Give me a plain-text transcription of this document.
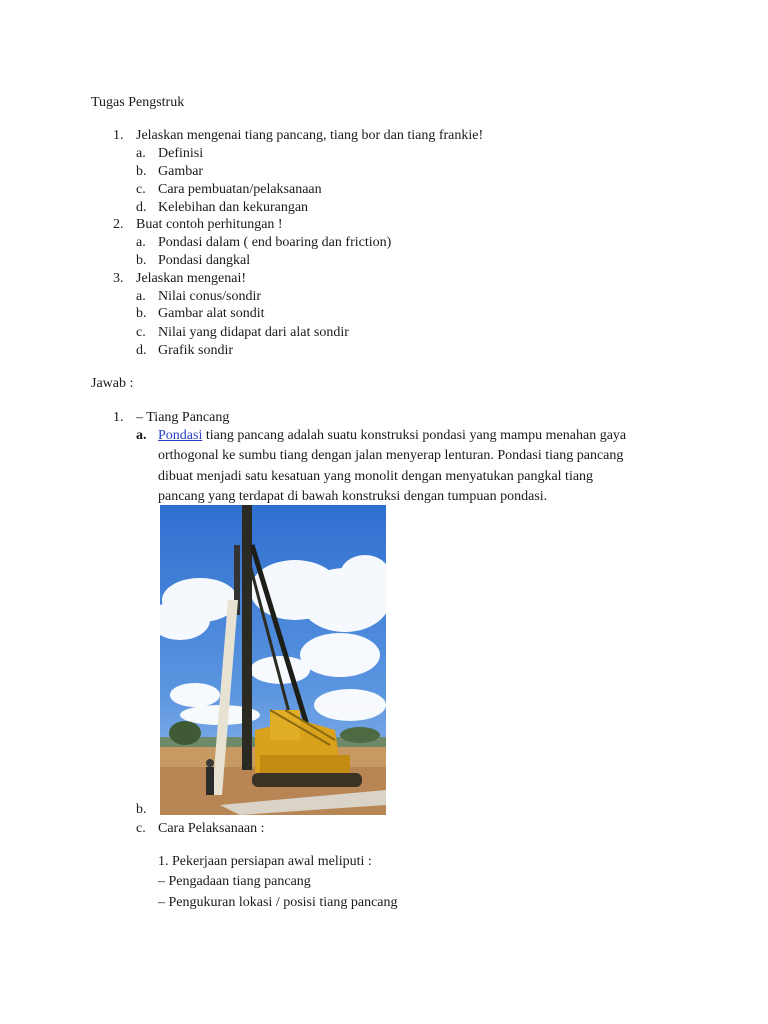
Tugas Pengstruk
1. Jelaskan mengenai tiang pancang, tiang bor dan tiang frankie!
a. Definisi
b. Gambar
c. Cara pembuatan/pelaksanaan
d. Kelebihan dan kekurangan
2. Buat contoh perhitungan !
a. Pondasi dalam ( end boaring dan friction)
b. Pondasi dangkal
3. Jelaskan mengenai!
a. Nilai conus/sondir
b. Gambar alat sondit
c. Nilai yang didapat dari alat sondir
d. Grafik sondir
Jawab :
1. – Tiang Pancang
a. Pondasi tiang pancang adalah suatu konstruksi pondasi yang mampu menahan gaya
orthogonal ke sumbu tiang dengan jalan menyerap lenturan. Pondasi tiang pancang
dibuat menjadi satu kesatuan yang monolit dengan menyatukan pangkal tiang
pancang yang terdapat di bawah konstruksi dengan tumpuan pondasi.
b.
c. Cara Pelaksanaan :
1. Pekerjaan persiapan awal meliputi :
– Pengadaan tiang pancang
– Pengukuran lokasi / posisi tiang pancang
